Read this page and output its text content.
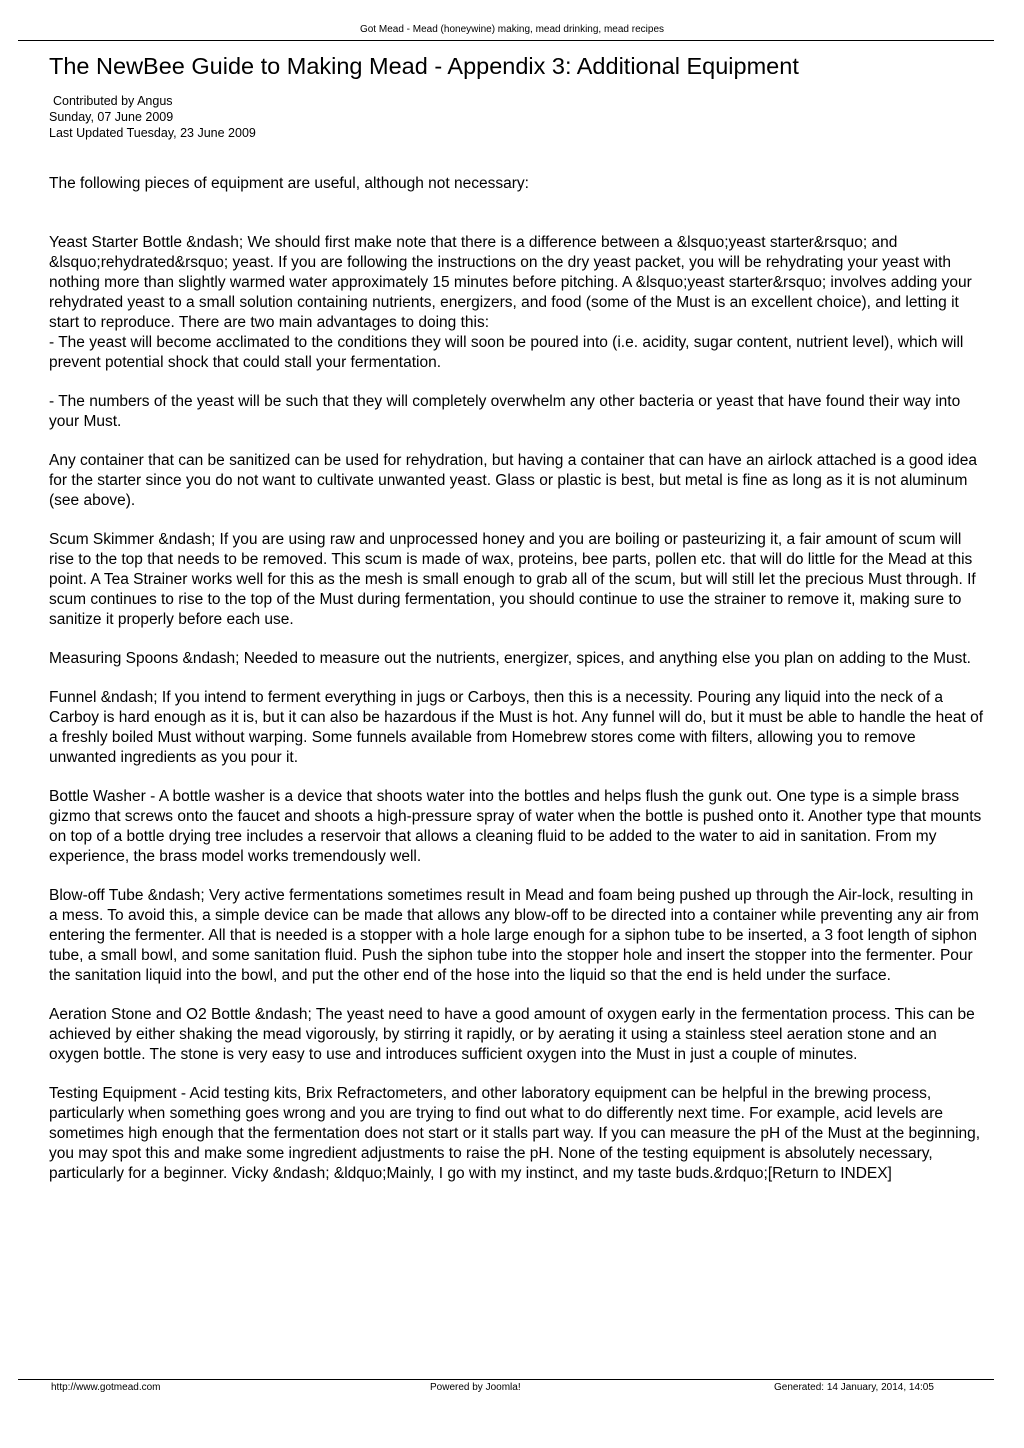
Got Mead - Mead (honeywine) making, mead drinking, mead recipes
The NewBee Guide to Making Mead - Appendix 3: Additional Equipment
Contributed by Angus
Sunday, 07 June 2009
Last Updated Tuesday, 23 June 2009

The following pieces of equipment are useful, although not necessary:

Yeast Starter Bottle &ndash; We should first make note that there is a difference between a &lsquo;yeast starter&rsquo; and &lsquo;rehydrated&rsquo; yeast. If you are following the instructions on the dry yeast packet, you will be rehydrating your yeast with nothing more than slightly warmed water approximately 15 minutes before pitching. A &lsquo;yeast starter&rsquo; involves adding your rehydrated yeast to a small solution containing nutrients, energizers, and food (some of the Must is an excellent choice), and letting it start to reproduce. There are two main advantages to doing this:

- The yeast will become acclimated to the conditions they will soon be poured into (i.e. acidity, sugar content, nutrient level), which will prevent potential shock that could stall your fermentation.

- The numbers of the yeast will be such that they will completely overwhelm any other bacteria or yeast that have found their way into your Must.

Any container that can be sanitized can be used for rehydration, but having a container that can have an airlock attached is a good idea for the starter since you do not want to cultivate unwanted yeast. Glass or plastic is best, but metal is fine as long as it is not aluminum (see above).

Scum Skimmer &ndash; If you are using raw and unprocessed honey and you are boiling or pasteurizing it, a fair amount of scum will rise to the top that needs to be removed. This scum is made of wax, proteins, bee parts, pollen etc. that will do little for the Mead at this point. A Tea Strainer works well for this as the mesh is small enough to grab all of the scum, but will still let the precious Must through. If scum continues to rise to the top of the Must during fermentation, you should continue to use the strainer to remove it, making sure to sanitize it properly before each use.

Measuring Spoons &ndash; Needed to measure out the nutrients, energizer, spices, and anything else you plan on adding to the Must.

Funnel &ndash; If you intend to ferment everything in jugs or Carboys, then this is a necessity. Pouring any liquid into the neck of a Carboy is hard enough as it is, but it can also be hazardous if the Must is hot. Any funnel will do, but it must be able to handle the heat of a freshly boiled Must without warping. Some funnels available from Homebrew stores come with filters, allowing you to remove unwanted ingredients as you pour it.

Bottle Washer - A bottle washer is a device that shoots water into the bottles and helps flush the gunk out. One type is a simple brass gizmo that screws onto the faucet and shoots a high-pressure spray of water when the bottle is pushed onto it. Another type that mounts on top of a bottle drying tree includes a reservoir that allows a cleaning fluid to be added to the water to aid in sanitation. From my experience, the brass model works tremendously well.

Blow-off Tube &ndash; Very active fermentations sometimes result in Mead and foam being pushed up through the Air-lock, resulting in a mess. To avoid this, a simple device can be made that allows any blow-off to be directed into a container while preventing any air from entering the fermenter. All that is needed is a stopper with a hole large enough for a siphon tube to be inserted, a 3 foot length of siphon tube, a small bowl, and some sanitation fluid. Push the siphon tube into the stopper hole and insert the stopper into the fermenter. Pour the sanitation liquid into the bowl, and put the other end of the hose into the liquid so that the end is held under the surface.

Aeration Stone and O2 Bottle &ndash; The yeast need to have a good amount of oxygen early in the fermentation process. This can be achieved by either shaking the mead vigorously, by stirring it rapidly, or by aerating it using a stainless steel aeration stone and an oxygen bottle. The stone is very easy to use and introduces sufficient oxygen into the Must in just a couple of minutes.

Testing Equipment - Acid testing kits, Brix Refractometers, and other laboratory equipment can be helpful in the brewing process, particularly when something goes wrong and you are trying to find out what to do differently next time. For example, acid levels are sometimes high enough that the fermentation does not start or it stalls part way. If you can measure the pH of the Must at the beginning, you may spot this and make some ingredient adjustments to raise the pH. None of the testing equipment is absolutely necessary, particularly for a beginner. Vicky &ndash; &ldquo;Mainly, I go with my instinct, and my taste buds.&rdquo;[Return to INDEX]

http://www.gotmead.com	Powered by Joomla!	Generated: 14 January, 2014, 14:05
